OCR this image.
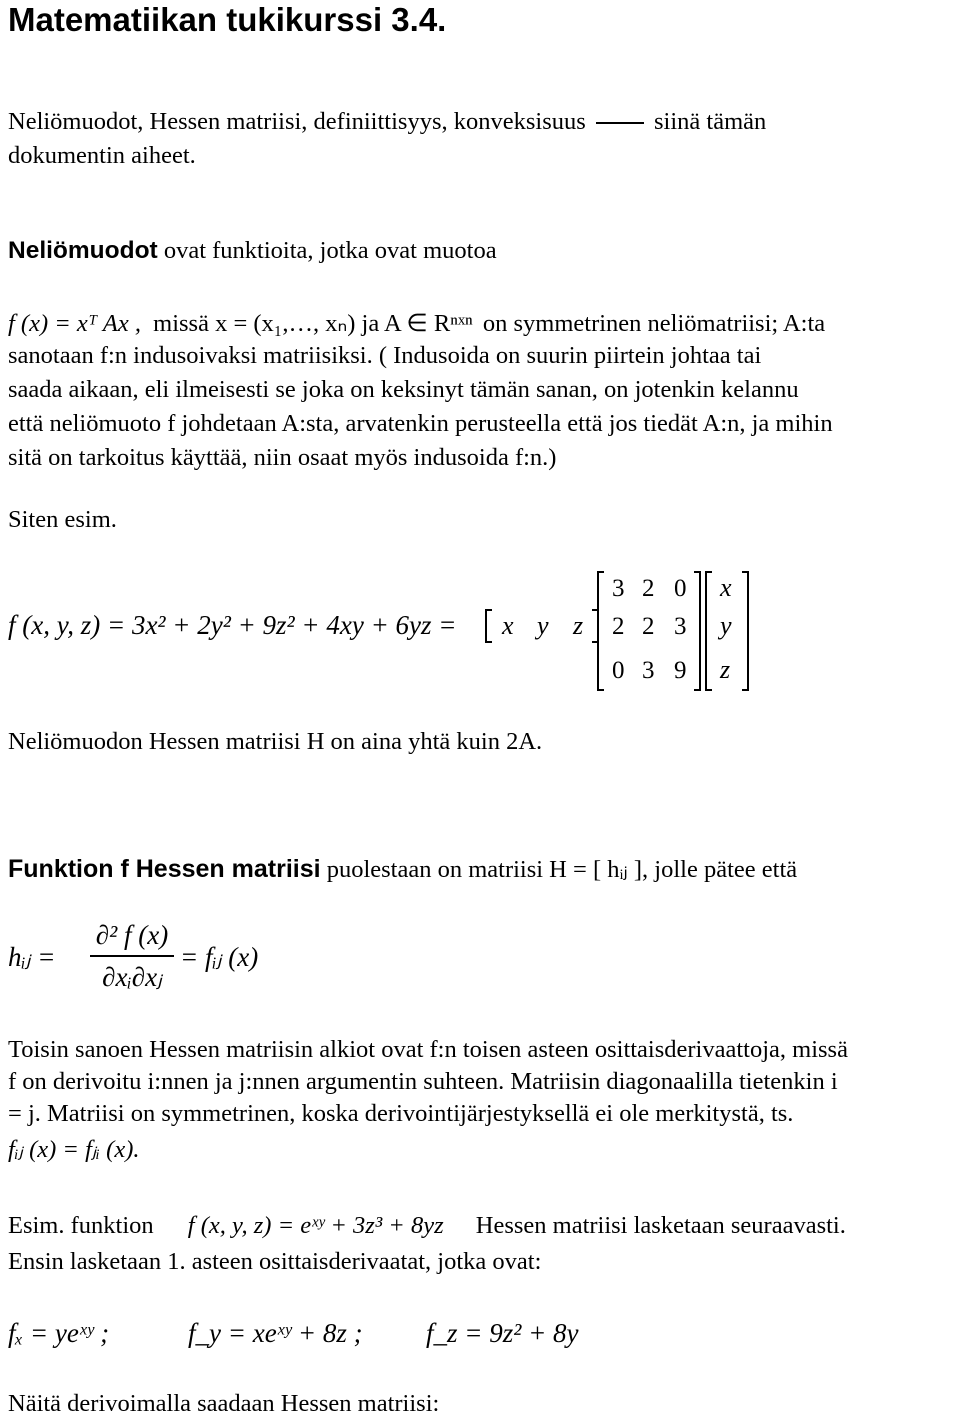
Matematiikan tukikurssi 3.4.
Neliömuodot, Hessen matriisi, definiittisyys, konveksisuus	siinä tämän
dokumentin aiheet.
Neliömuodot ovat funktioita, jotka ovat muotoa
f (x) = xᵀ Ax , missä x = (x₁,…, xₙ) ja A ∈ Rⁿˣⁿ on symmetrinen neliömatriisi; A:ta
sanotaan f:n indusoivaksi matriisiksi. ( Indusoida on suurin piirtein johtaa tai
saada aikaan, eli ilmeisesti se joka on keksinyt tämän sanan, on jotenkin kelannu
että neliömuoto f johdetaan A:sta, arvatenkin perusteella että jos tiedät A:n, ja mihin
sitä on tarkoitus käyttää, niin osaat myös indusoida f:n.)
Siten esim.
f (x, y, z) = 3x² + 2y² + 9z² + 4xy + 6yz = x y z
3 2 0
2 2 3
0 3 9
x
y
z
Neliömuodon Hessen matriisi H on aina yhtä kuin 2A.
Funktion f Hessen matriisi puolestaan on matriisi H = [ hᵢⱼ ], jolle pätee että
hᵢⱼ =
∂² f (x)
∂xᵢ∂xⱼ
= fᵢⱼ (x)
Toisin sanoen Hessen matriisin alkiot ovat f:n toisen asteen osittaisderivaattoja, missä
f on derivoitu i:nnen ja j:nnen argumentin suhteen. Matriisin diagonaalilla tietenkin i
= j. Matriisi on symmetrinen, koska derivointijärjestyksellä ei ole merkitystä, ts.
fᵢⱼ (x) = fⱼᵢ (x).
Esim. funktion f (x, y, z) = eˣʸ + 3z³ + 8yz Hessen matriisi lasketaan seuraavasti.
Ensin lasketaan 1. asteen osittaisderivaatat, jotka ovat:
fₓ = yeˣʸ ;	f_y = xeˣʸ + 8z ; f_z = 9z² + 8y
Näitä derivoimalla saadaan Hessen matriisi:
